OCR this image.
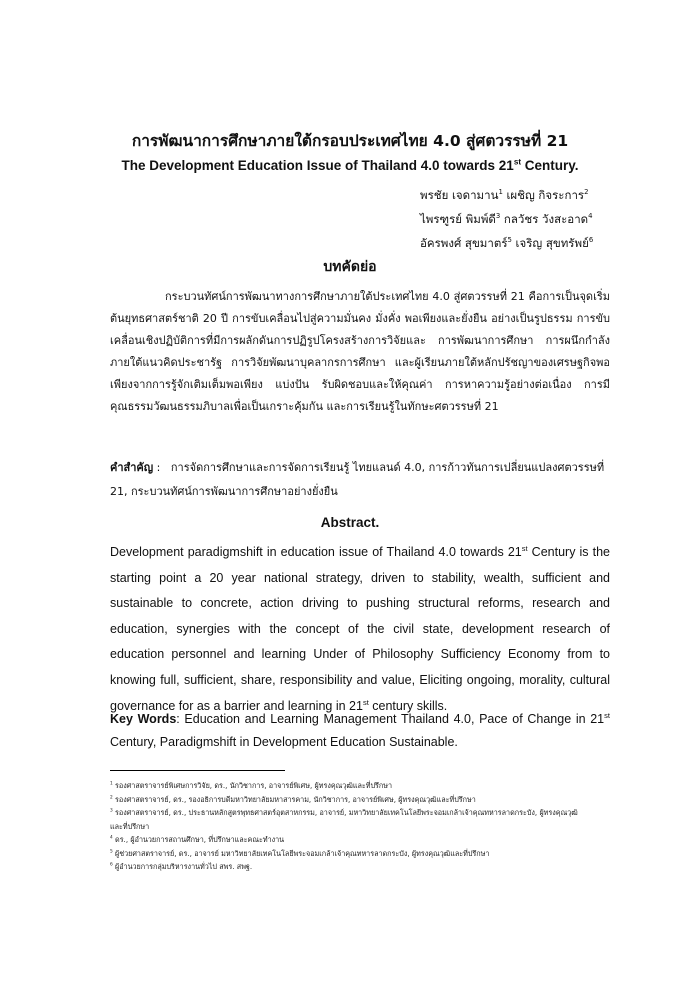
การพัฒนาการศึกษาภายใต้กรอบประเทศไทย 4.0 สู่ศตวรรษที่ 21
The Development Education Issue of Thailand 4.0 towards 21st Century.
พรชัย เจดามาน$^1$ เผชิญ กิจระการ$^2$
ไพรฑูรย์ พิมพ์ดี$^3$ กลวัชร วังสะอาด$^4$
อัครพงศ์ สุขมาตร์$^5$ เจริญ สุขทรัพย์$^6$
บทคัดย่อ

กระบวนทัศน์การพัฒนาทางการศึกษาภายใต้ประเทศไทย 4.0 สู่ศตวรรษที่ 21 คือการเป็นจุดเริ่มต้นยุทธศาสตร์ชาติ 20 ปี การขับเคลื่อนไปสู่ความมั่นคง มั่งคั่ง พอเพียงและยั่งยืน อย่างเป็นรูปธรรม การขับเคลื่อนเชิงปฏิบัติการที่มีการผลักดันการปฏิรูปโครงสร้างการวิจัยและ การพัฒนาการศึกษา การผนึกกำลังภายใต้แนวคิดประชารัฐ การวิจัยพัฒนาบุคลากรการศึกษา และผู้เรียนภายใต้หลักปรัชญาของเศรษฐกิจพอเพียงจากการรู้จักเติมเต็มพอเพียง แบ่งปัน รับผิดชอบและให้คุณค่า การหาความรู้อย่างต่อเนื่อง การมีคุณธรรมวัฒนธรรมภิบาลเพื่อเป็นเกราะคุ้มกัน และการเรียนรู้ในทักษะศตวรรษที่ 21

คำสำคัญ :   การจัดการศึกษาและการจัดการเรียนรู้ ไทยแลนด์ 4.0, การก้าวทันการเปลี่ยนแปลงศตวรรษที่ 21, กระบวนทัศน์การพัฒนาการศึกษาอย่างยั่งยืน
Abstract.

Development paradigmshift in education issue of Thailand 4.0 towards 21st Century is the starting point a 20 year national strategy, driven to stability, wealth, sufficient and sustainable to concrete, action driving to pushing structural reforms, research and education, synergies with the concept of the civil state, development research of education personnel and learning Under of Philosophy Sufficiency Economy from to knowing full, sufficient, share, responsibility and value, Eliciting ongoing, morality, cultural governance for as a barrier and learning in 21st century skills.

Key Words: Education and Learning Management Thailand 4.0, Pace of Change in 21st Century, Paradigmshift in Development Education Sustainable.

$^1$ รองศาสตราจารย์พิเศษการวิจัย, ดร., นักวิชาการ, อาจารย์พิเศษ, ผู้ทรงคุณวุฒิและที่ปรึกษา

$^2$ รองศาสตราจารย์, ดร., รองอธิการบดีมหาวิทยาลัยมหาสารคาม, นักวิชาการ, อาจารย์พิเศษ, ผู้ทรงคุณวุฒิและที่ปรึกษา

$^3$ รองศาสตราจารย์, ดร., ประธานหลักสูตรพุทธศาสตร์อุตสาหกรรม, อาจารย์, มหาวิทยาลัยเทคโนโลยีพระจอมเกล้าเจ้าคุณทหารลาดกระบัง, ผู้ทรงคุณวุฒิและที่ปรึกษา

$^4$ ดร., ผู้อำนวยการสถานศึกษา, ที่ปรึกษาและคณะทำงาน

$^5$ ผู้ช่วยศาสตราจารย์, ดร., อาจารย์ มหาวิทยาลัยเทคโนโลยีพระจอมเกล้าเจ้าคุณทหารลาดกระบัง, ผู้ทรงคุณวุฒิและที่ปรึกษา

$^6$ ผู้อำนวยการกลุ่มบริหารงานทั่วไป สพร. สพฐ.
